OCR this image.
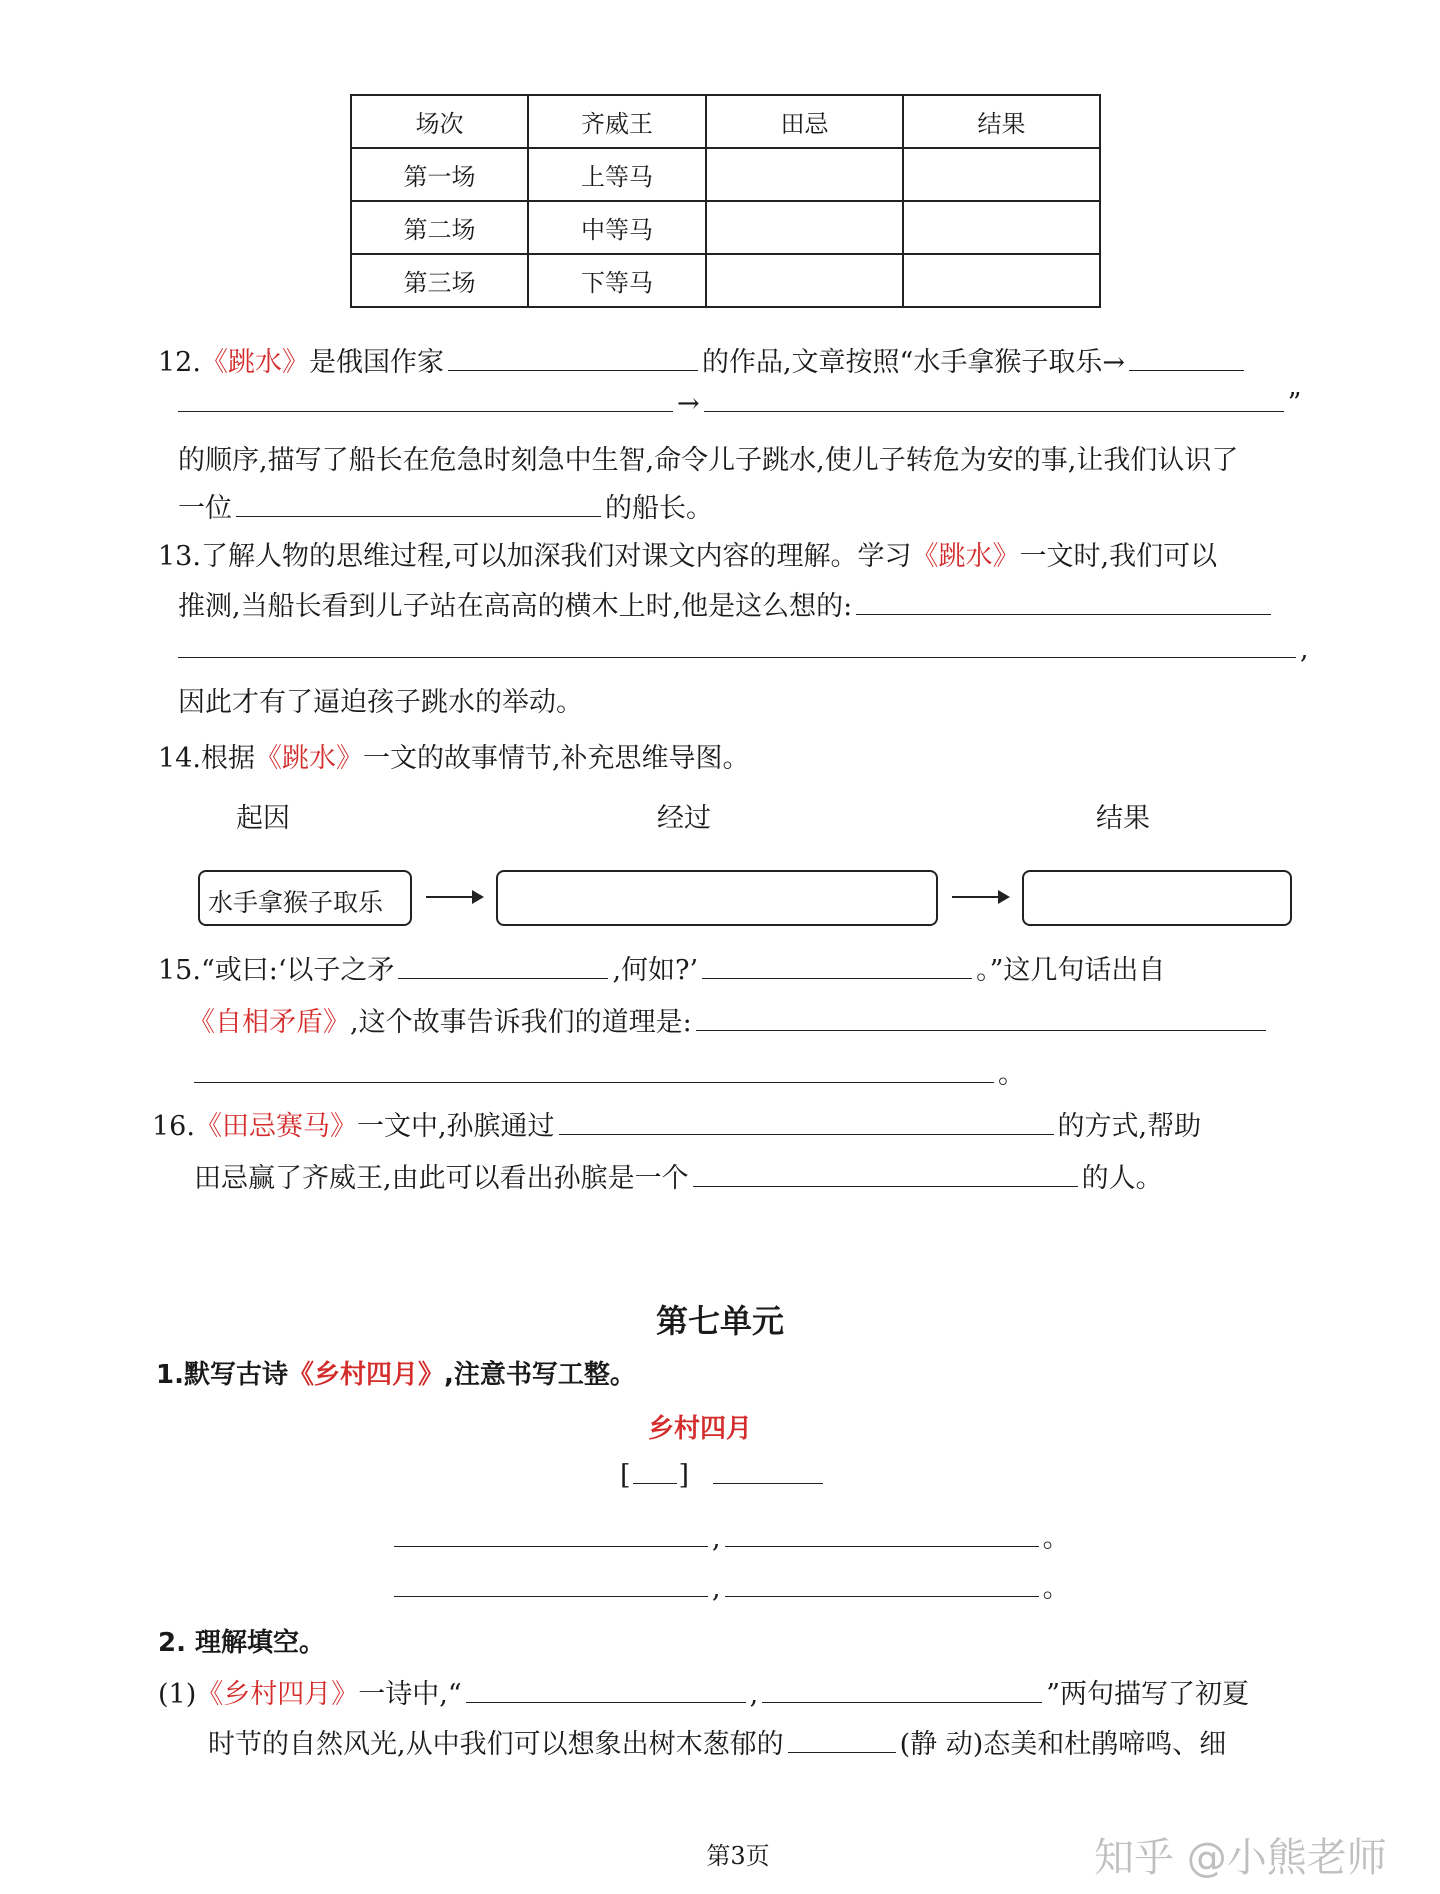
场次	齐威王	田忌	结果
第一场	上等马		
第二场	中等马		
第三场	下等马		
12.《跳水》是俄国作家	的作品,文章按照“水手拿猴子取乐→
→	”
的顺序,描写了船长在危急时刻急中生智,命令儿子跳水,使儿子转危为安的事,让我们认识了
一位	的船长。
13.了解人物的思维过程,可以加深我们对课文内容的理解。学习《跳水》一文时,我们可以
推测,当船长看到儿子站在高高的横木上时,他是这么想的:
,
因此才有了逼迫孩子跳水的举动。
14.根据《跳水》一文的故事情节,补充思维导图。
起因	经过	结果
水手拿猴子取乐
15.“或曰:‘以子之矛	,何如?’	。”这几句话出自
《自相矛盾》,这个故事告诉我们的道理是:
。
16.《田忌赛马》一文中,孙膑通过	的方式,帮助
田忌赢了齐威王,由此可以看出孙膑是一个	的人。
第七单元
1.默写古诗《乡村四月》,注意书写工整。
乡村四月
[ ]
,	。
,	。
2. 理解填空。
(1)《乡村四月》一诗中,“	,	”两句描写了初夏
时节的自然风光,从中我们可以想象出树木葱郁的	(静 动)态美和杜鹃啼鸣、细
第3页	知乎 @小熊老师
